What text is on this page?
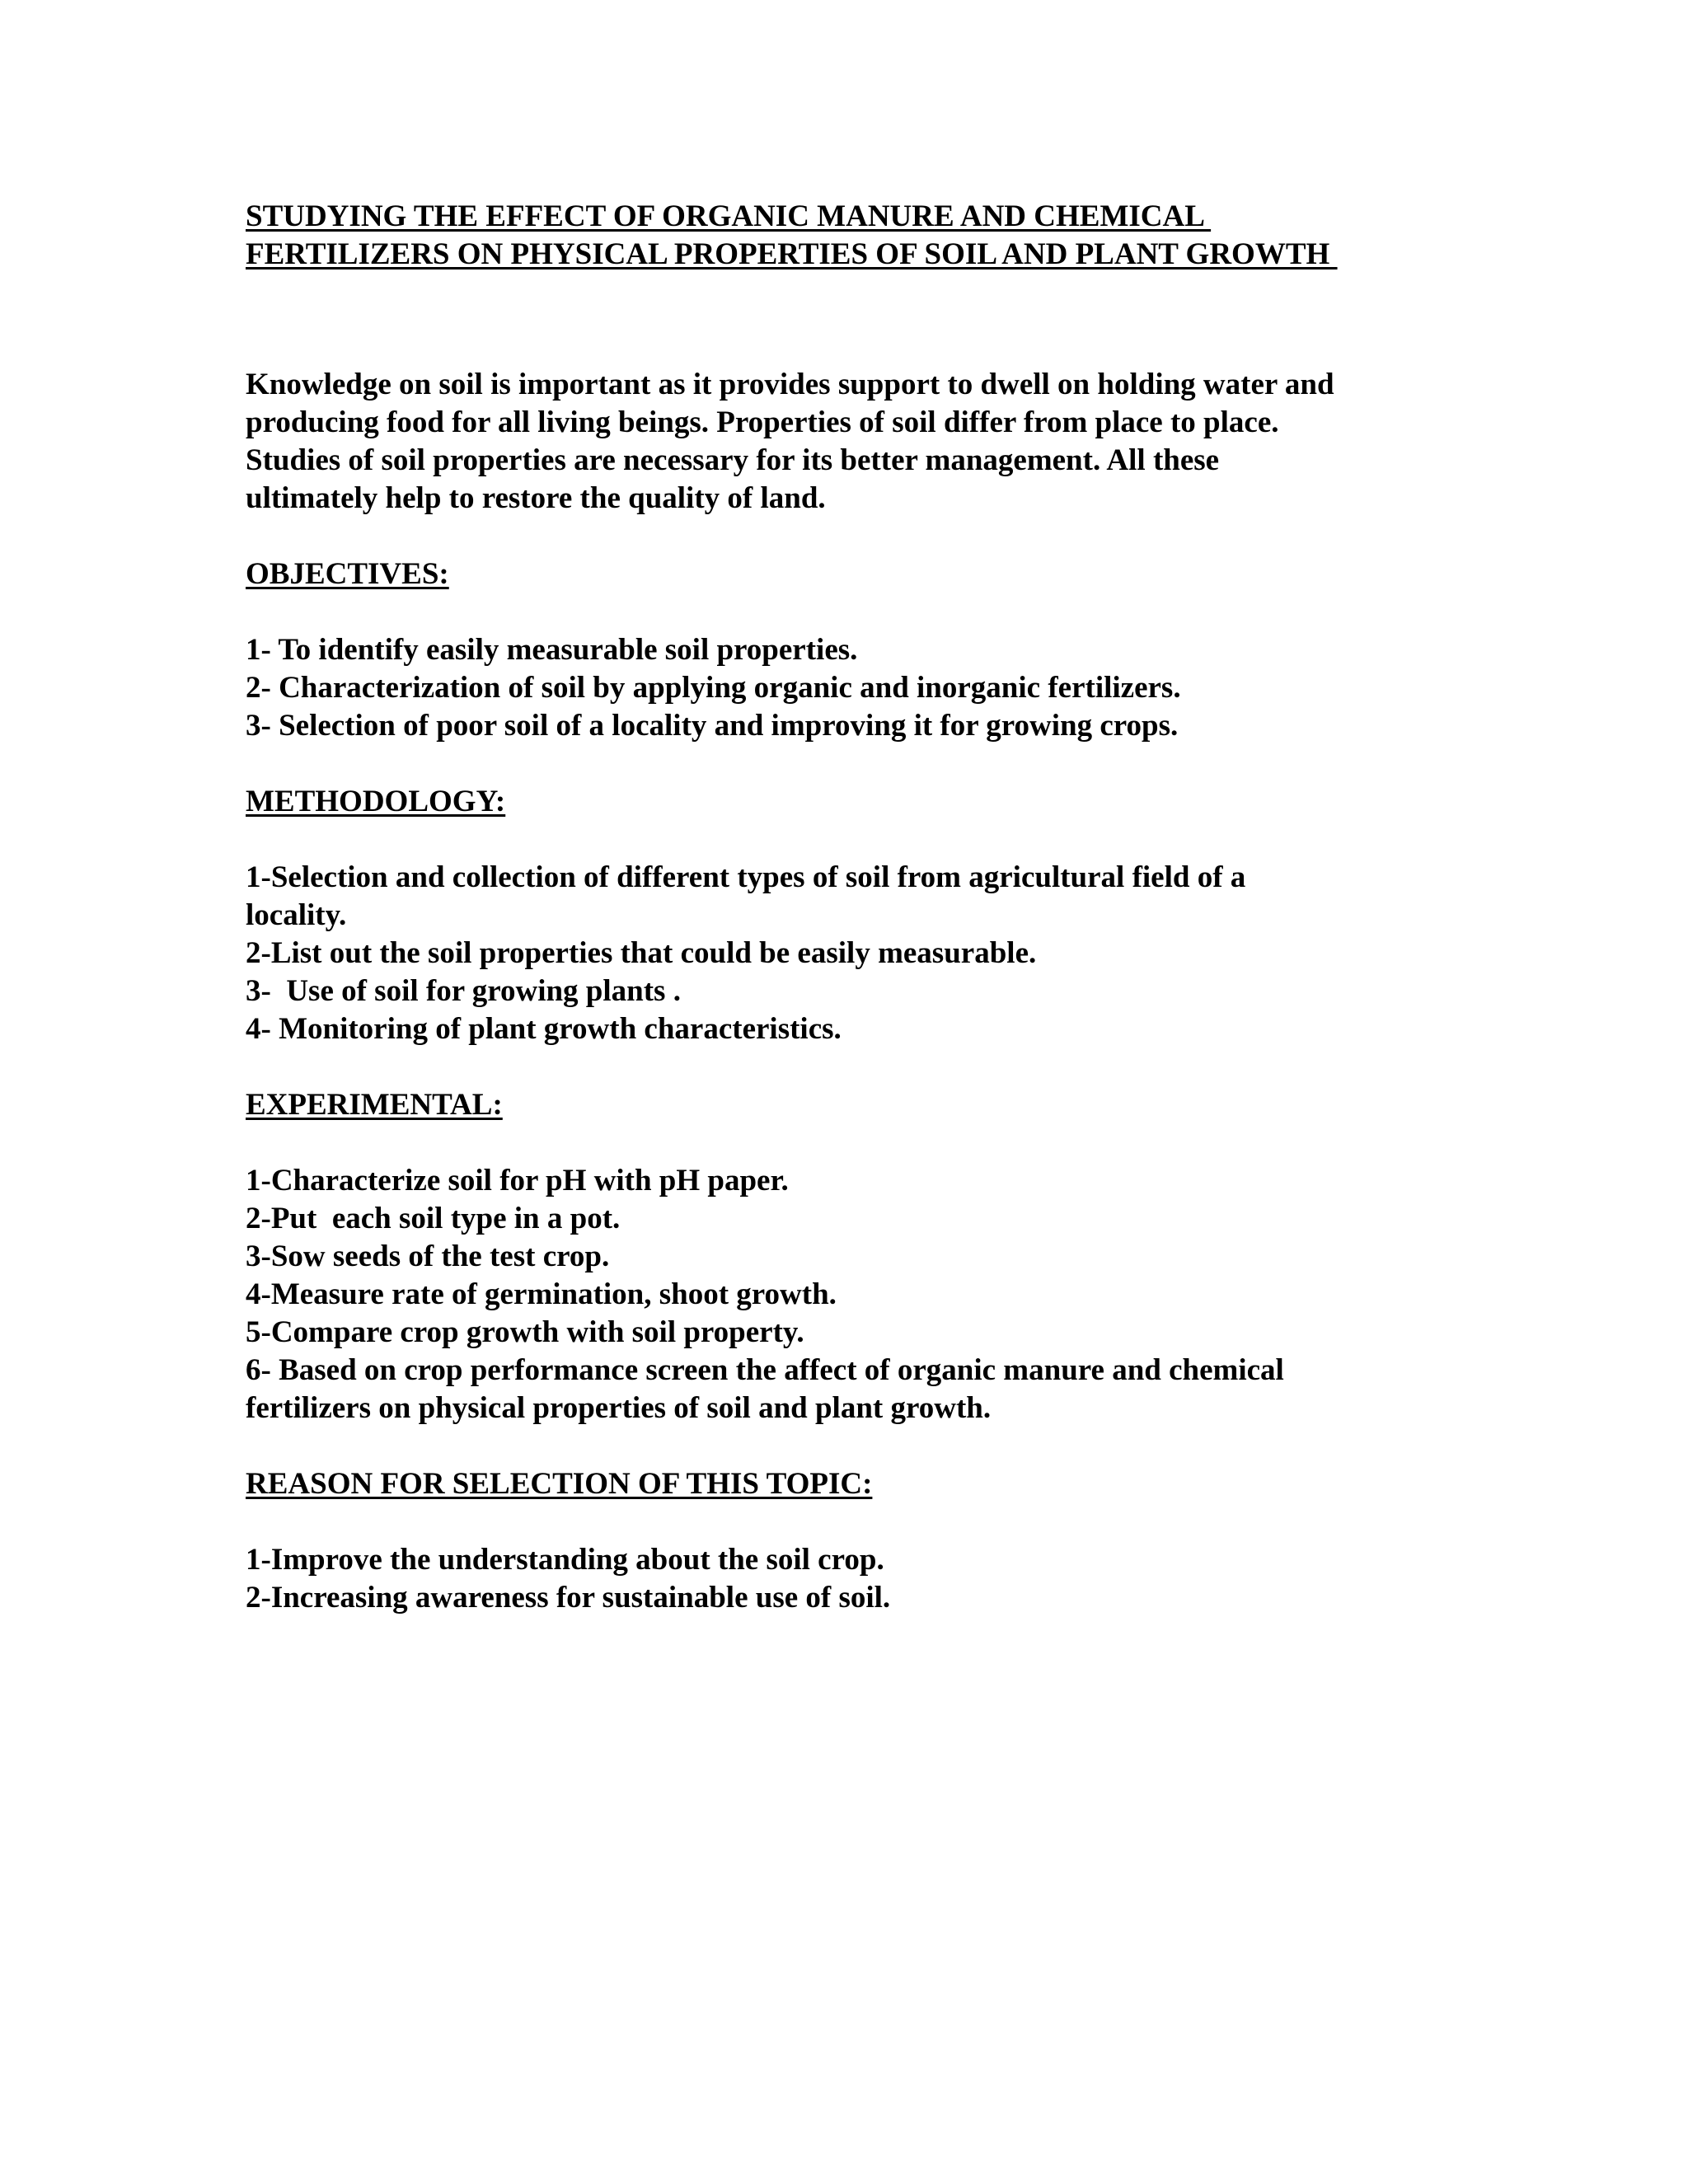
STUDYING THE EFFECT OF ORGANIC MANURE AND CHEMICAL

FERTILIZERS ON PHYSICAL PROPERTIES OF SOIL AND PLANT GROWTH

Knowledge on soil is important as it provides support to dwell on holding water and

producing food for all living beings. Properties of soil differ from place to place.

Studies of soil properties are necessary for its better management. All these

ultimately help to restore the quality of land.

OBJECTIVES:

1- To identify easily measurable soil properties.

2- Characterization of soil by applying organic and inorganic fertilizers.

3- Selection of poor soil of a locality and improving it for growing crops.

METHODOLOGY:

1-Selection and collection of different types of soil from agricultural field of a

locality.

2-List out the soil properties that could be easily measurable.

3-  Use of soil for growing plants .

4- Monitoring of plant growth characteristics.

EXPERIMENTAL:

1-Characterize soil for pH with pH paper.

2-Put  each soil type in a pot.

3-Sow seeds of the test crop.

4-Measure rate of germination, shoot growth.

5-Compare crop growth with soil property.

6- Based on crop performance screen the affect of organic manure and chemical

fertilizers on physical properties of soil and plant growth.

REASON FOR SELECTION OF THIS TOPIC:

1-Improve the understanding about the soil crop.

2-Increasing awareness for sustainable use of soil.
